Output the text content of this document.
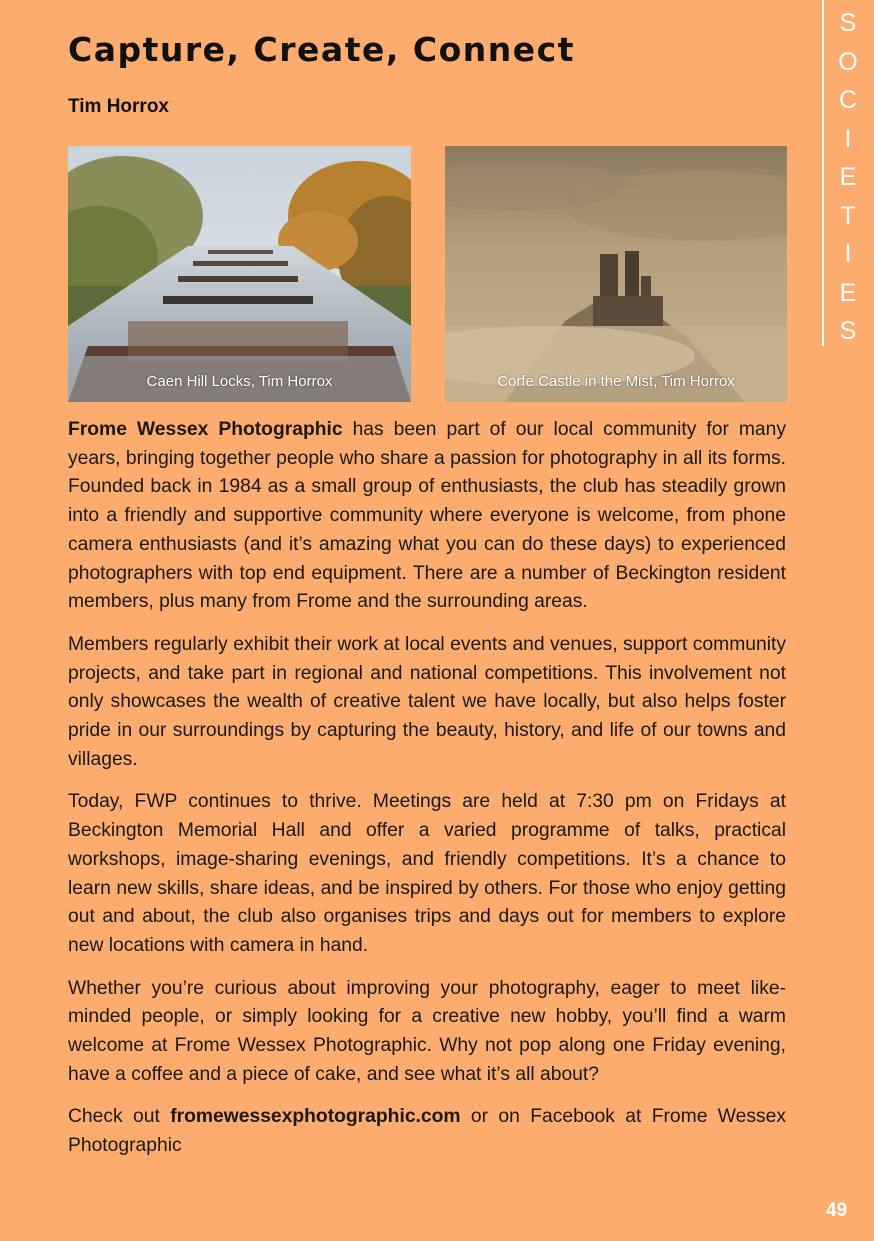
Capture, Create, Connect
Tim Horrox
S
O
C
I
E
T
I
E
S
Caen Hill Locks, Tim Horrox	Corfe Castle in the Mist, Tim Horrox

Frome Wessex Photographic has been part of our local community for many years, bringing together people who share a passion for photography in all its forms. Founded back in 1984 as a small group of enthusiasts, the club has steadily grown into a friendly and supportive community where everyone is welcome, from phone camera enthusiasts (and it’s amazing what you can do these days) to experienced photographers with top end equipment. There are a number of Beckington resident members, plus many from Frome and the surrounding areas.

Members regularly exhibit their work at local events and venues, support community projects, and take part in regional and national competitions. This involvement not only showcases the wealth of creative talent we have locally, but also helps foster pride in our surroundings by capturing the beauty, history, and life of our towns and villages.

Today, FWP continues to thrive. Meetings are held at 7:30 pm on Fridays at Beckington Memorial Hall and offer a varied programme of talks, practical workshops, image-sharing evenings, and friendly competitions. It’s a chance to learn new skills, share ideas, and be inspired by others. For those who enjoy getting out and about, the club also organises trips and days out for members to explore new locations with camera in hand.

Whether you’re curious about improving your photography, eager to meet like-minded people, or simply looking for a creative new hobby, you’ll find a warm welcome at Frome Wessex Photographic. Why not pop along one Friday evening, have a coffee and a piece of cake, and see what it’s all about?

Check out fromewessexphotographic.com or on Facebook at Frome Wessex Photographic

49
